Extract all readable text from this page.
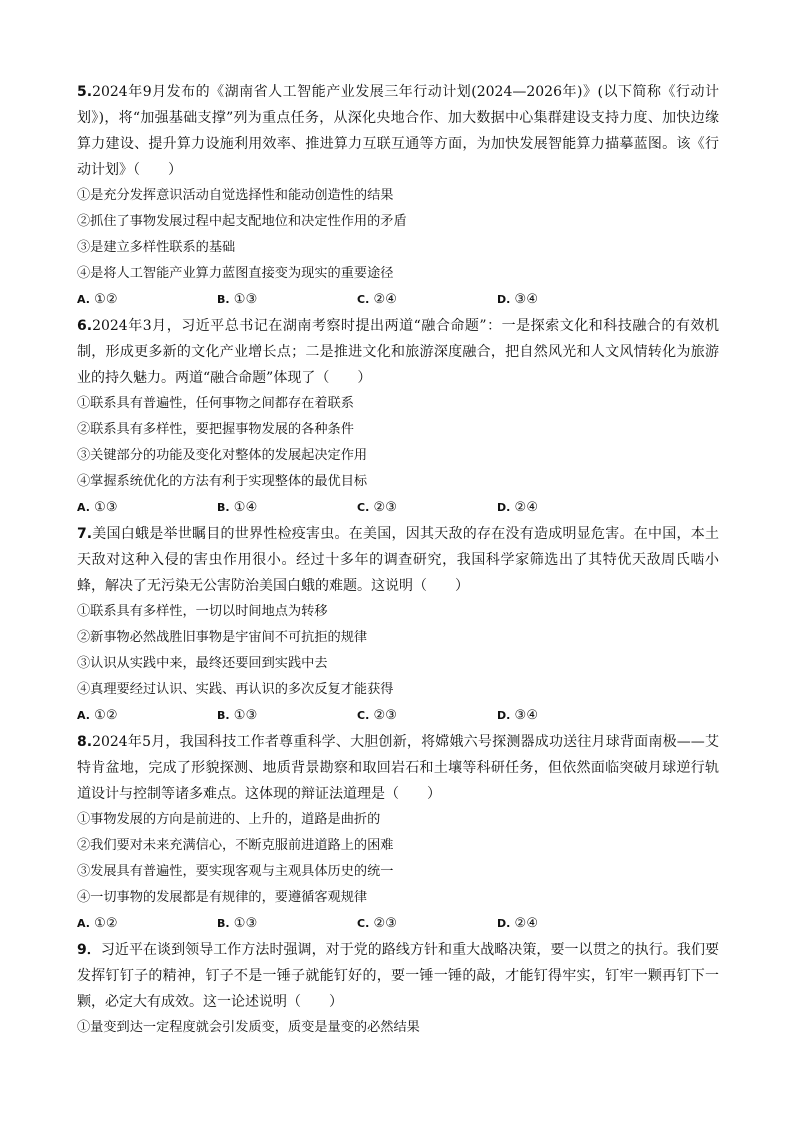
5.2024年9月发布的《湖南省人工智能产业发展三年行动计划(2024—2026年)》(以下简称《行动计划》)，将“加强基础支撑”列为重点任务，从深化央地合作、加大数据中心集群建设支持力度、加快边缘算力建设、提升算力设施利用效率、推进算力互联互通等方面，为加快发展智能算力描摹蓝图。该《行动计划》（　　）

①是充分发挥意识活动自觉选择性和能动创造性的结果

②抓住了事物发展过程中起支配地位和决定性作用的矛盾

③是建立多样性联系的基础

④是将人工智能产业算力蓝图直接变为现实的重要途径

A. ①②	B. ①③	C. ②④	D. ③④

6.2024年3月，习近平总书记在湖南考察时提出两道“融合命题”：一是探索文化和科技融合的有效机制，形成更多新的文化产业增长点；二是推进文化和旅游深度融合，把自然风光和人文风情转化为旅游业的持久魅力。两道“融合命题”体现了（　　）

①联系具有普遍性，任何事物之间都存在着联系

②联系具有多样性，要把握事物发展的各种条件

③关键部分的功能及变化对整体的发展起决定作用

④掌握系统优化的方法有利于实现整体的最优目标

A. ①③	B. ①④	C. ②③	D. ②④

7.美国白蛾是举世瞩目的世界性检疫害虫。在美国，因其天敌的存在没有造成明显危害。在中国，本土天敌对这种入侵的害虫作用很小。经过十多年的调查研究，我国科学家筛选出了其特优天敌周氏啮小蜂，解决了无污染无公害防治美国白蛾的难题。这说明（　　）

①联系具有多样性，一切以时间地点为转移

②新事物必然战胜旧事物是宇宙间不可抗拒的规律

③认识从实践中来，最终还要回到实践中去

④真理要经过认识、实践、再认识的多次反复才能获得

A. ①②	B. ①③	C. ②③	D. ③④

8.2024年5月，我国科技工作者尊重科学、大胆创新，将嫦娥六号探测器成功送往月球背面南极——艾特肯盆地，完成了形貌探测、地质背景勘察和取回岩石和土壤等科研任务，但依然面临突破月球逆行轨道设计与控制等诸多难点。这体现的辩证法道理是（　　）

①事物发展的方向是前进的、上升的，道路是曲折的

②我们要对未来充满信心，不断克服前进道路上的困难

③发展具有普遍性，要实现客观与主观具体历史的统一

④一切事物的发展都是有规律的，要遵循客观规律

A. ①②	B. ①③	C. ②③	D. ②④

9．习近平在谈到领导工作方法时强调，对于党的路线方针和重大战略决策，要一以贯之的执行。我们要发挥钉钉子的精神，钉子不是一锤子就能钉好的，要一锤一锤的敲，才能钉得牢实，钉牢一颗再钉下一颗，必定大有成效。这一论述说明（　　）

①量变到达一定程度就会引发质变，质变是量变的必然结果
